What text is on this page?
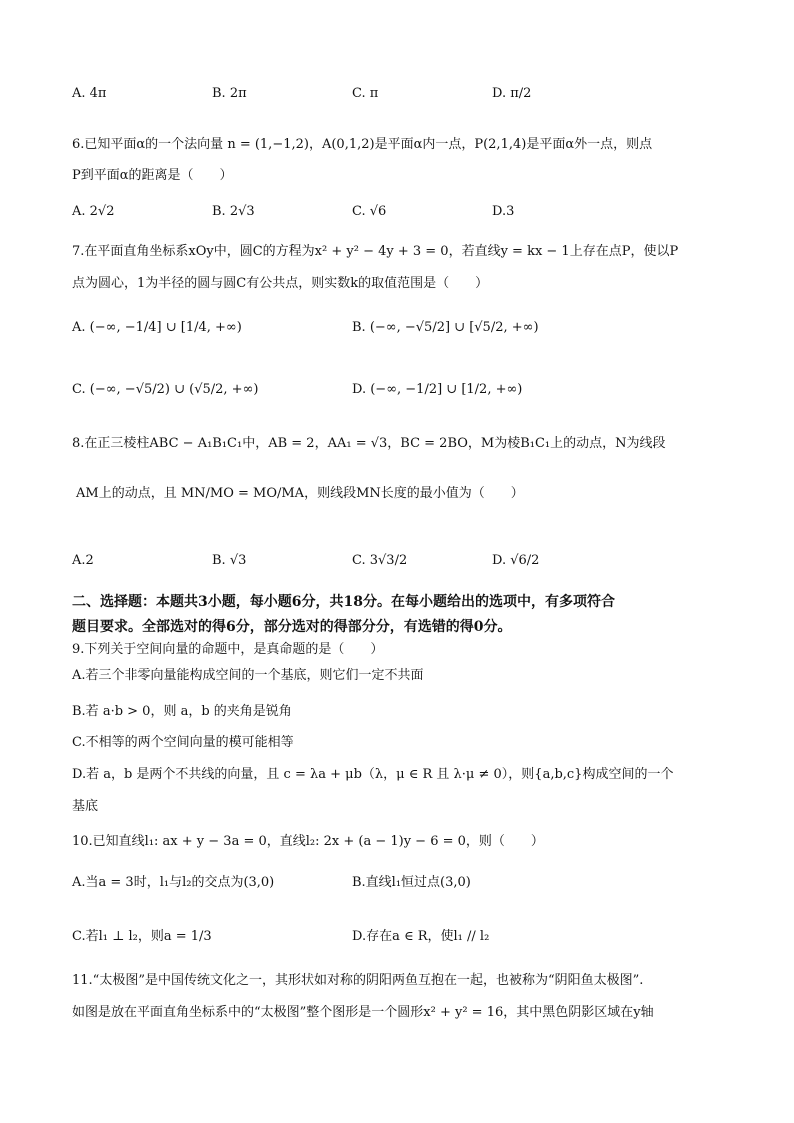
A. 4π	B. 2π	C. π	D. π/2
6.已知平面α的一个法向量 n = (1,−1,2)，A(0,1,2)是平面α内一点，P(2,1,4)是平面α外一点，则点
P到平面α的距离是（　　）
A. 2√2	B. 2√3	C. √6	D.3
7.在平面直角坐标系xOy中，圆C的方程为x² + y² − 4y + 3 = 0，若直线y = kx − 1上存在点P，使以P
点为圆心，1为半径的圆与圆C有公共点，则实数k的取值范围是（　　）
A. (−∞, −1/4] ∪ [1/4, +∞)	B. (−∞, −√5/2] ∪ [√5/2, +∞)
C. (−∞, −√5/2) ∪ (√5/2, +∞)	D. (−∞, −1/2] ∪ [1/2, +∞)
8.在正三棱柱ABC − A₁B₁C₁中，AB = 2，AA₁ = √3，BC = 2BO，M为棱B₁C₁上的动点，N为线段
AM上的动点，且 MN/MO = MO/MA，则线段MN长度的最小值为（　　）
A.2	B. √3	C. 3√3/2	D. √6/2
二、选择题：本题共3小题，每小题6分，共18分。在每小题给出的选项中，有多项符合
题目要求。全部选对的得6分，部分选对的得部分分，有选错的得0分。
9.下列关于空间向量的命题中，是真命题的是（　　）
A.若三个非零向量能构成空间的一个基底，则它们一定不共面
B.若 a·b > 0，则 a，b 的夹角是锐角
C.不相等的两个空间向量的模可能相等
D.若 a，b 是两个不共线的向量，且 c = λa + μb（λ，μ ∈ R 且 λ·μ ≠ 0），则{a,b,c}构成空间的一个
基底
10.已知直线l₁: ax + y − 3a = 0，直线l₂: 2x + (a − 1)y − 6 = 0，则（　　）
A.当a = 3时，l₁与l₂的交点为(3,0)	B.直线l₁恒过点(3,0)
C.若l₁ ⊥ l₂，则a = 1/3	D.存在a ∈ R，使l₁ // l₂
11.“太极图”是中国传统文化之一，其形状如对称的阴阳两鱼互抱在一起，也被称为“阴阳鱼太极图”.
如图是放在平面直角坐标系中的“太极图”整个图形是一个圆形x² + y² = 16，其中黑色阴影区域在y轴
